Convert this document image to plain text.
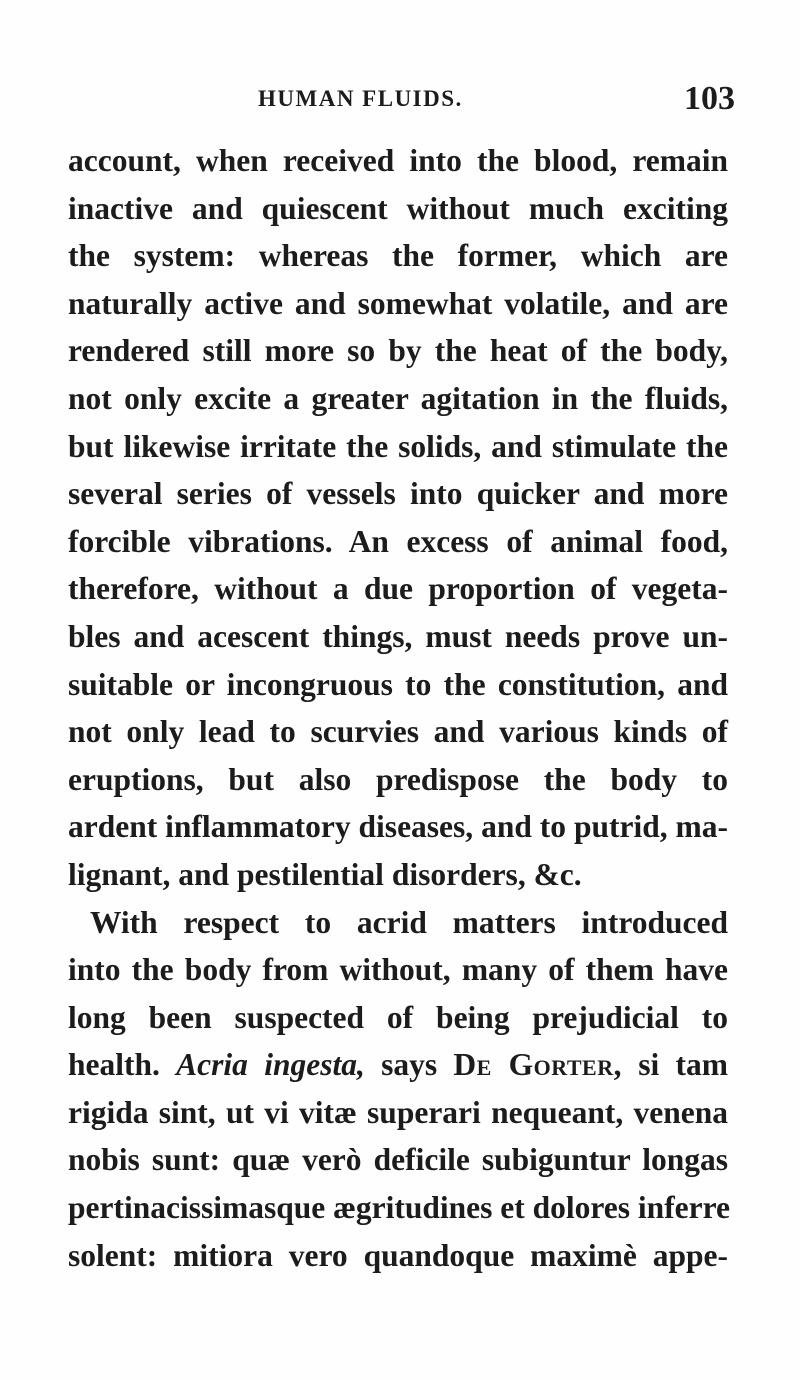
HUMAN FLUIDS.	103
account, when received into the blood, remain
inactive and quiescent without much exciting
the system: whereas the former, which are
naturally active and somewhat volatile, and are
rendered still more so by the heat of the body,
not only excite a greater agitation in the fluids,
but likewise irritate the solids, and stimulate the
several series of vessels into quicker and more
forcible vibrations. An excess of animal food,
therefore, without a due proportion of vegeta-
bles and acescent things, must needs prove un-
suitable or incongruous to the constitution, and
not only lead to scurvies and various kinds of
eruptions, but also predispose the body to
ardent inflammatory diseases, and to putrid, ma-
lignant, and pestilential disorders, &c.
With respect to acrid matters introduced
into the body from without, many of them have
long been suspected of being prejudicial to
health. Acria ingesta, says De Gorter, si tam
rigida sint, ut vi vitæ superari nequeant, venena
nobis sunt: quæ verò deficile subiguntur longas
pertinacissimasque ægritudines et dolores inferre
solent: mitiora vero quandoque maximè appe-
